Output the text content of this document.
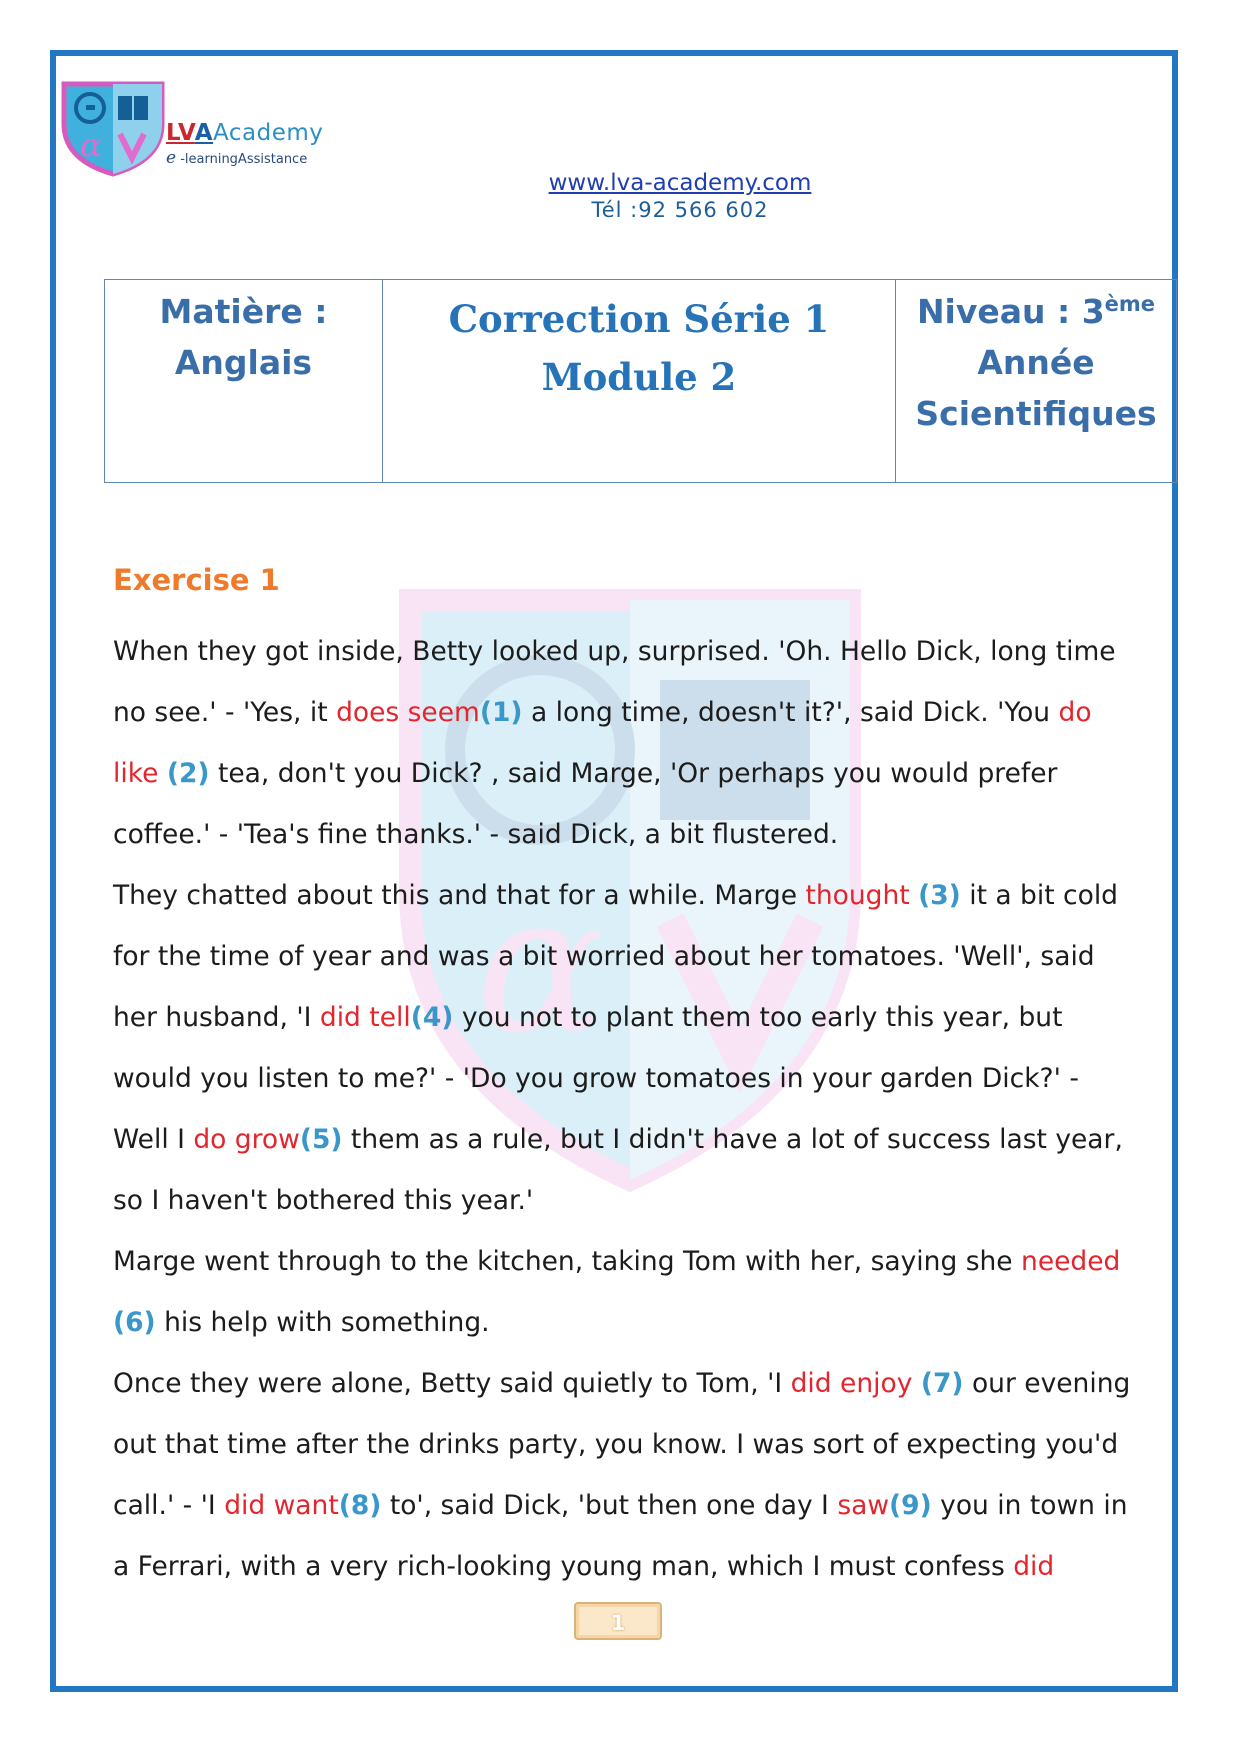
α
α	LVAAcademy
e -learningAssistance
www.lva-academy.com
Tél :92 566 602
Matière :
Anglais

Correction Série 1
Module 2

Niveau : 3ème
Année
Scientifiques
Exercise 1
When they got inside, Betty looked up, surprised. 'Oh. Hello Dick, long time
no see.' - 'Yes, it does seem(1) a long time, doesn't it?', said Dick. 'You do
like (2) tea, don't you Dick? , said Marge, 'Or perhaps you would prefer
coffee.' - 'Tea's fine thanks.' - said Dick, a bit flustered.
They chatted about this and that for a while. Marge thought (3) it a bit cold
for the time of year and was a bit worried about her tomatoes. 'Well', said
her husband, 'I did tell(4) you not to plant them too early this year, but
would you listen to me?' - 'Do you grow tomatoes in your garden Dick?' -
Well I do grow(5) them as a rule, but I didn't have a lot of success last year,
so I haven't bothered this year.'
Marge went through to the kitchen, taking Tom with her, saying she needed
(6) his help with something.
Once they were alone, Betty said quietly to Tom, 'I did enjoy (7) our evening
out that time after the drinks party, you know. I was sort of expecting you'd
call.' - 'I did want(8) to', said Dick, 'but then one day I saw(9) you in town in
a Ferrari, with a very rich-looking young man, which I must confess did
1
